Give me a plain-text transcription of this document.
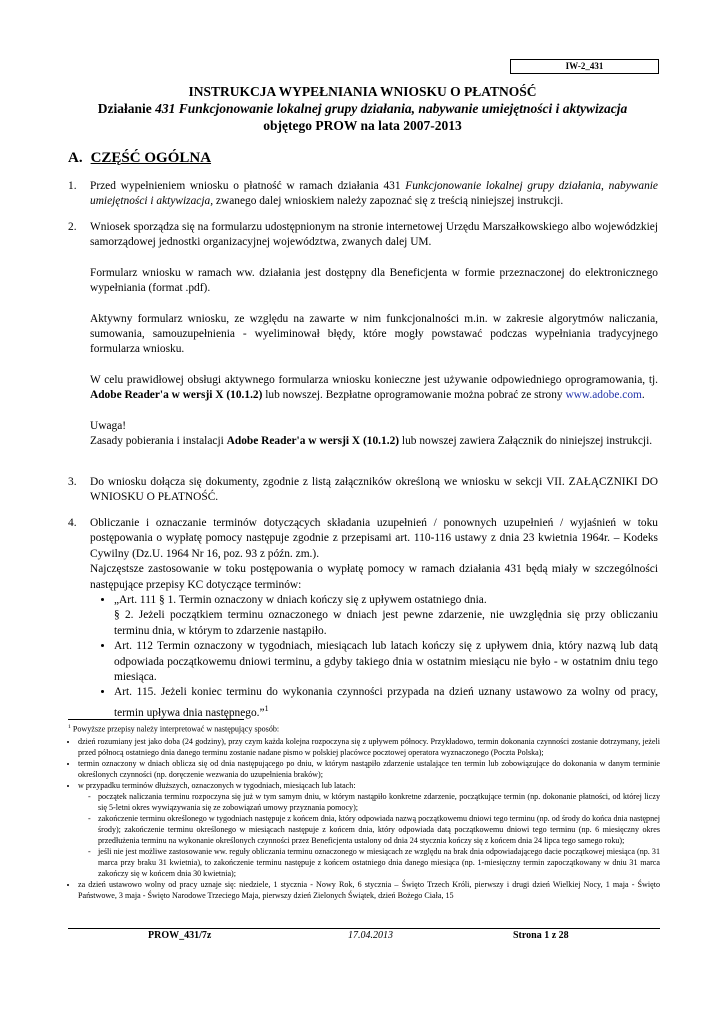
IW-2_431
INSTRUKCJA WYPEŁNIANIA WNIOSKU O PŁATNOŚĆ
Działanie 431 Funkcjonowanie lokalnej grupy działania, nabywanie umiejętności i aktywizacja
objętego PROW na lata 2007-2013
A. CZĘŚĆ OGÓLNA
1. Przed wypełnieniem wniosku o płatność w ramach działania 431 Funkcjonowanie lokalnej grupy działania, nabywanie umiejętności i aktywizacja, zwanego dalej wnioskiem należy zapoznać się z treścią niniejszej instrukcji.
2. Wniosek sporządza się na formularzu udostępnionym na stronie internetowej Urzędu Marszałkowskiego albo wojewódzkiej samorządowej jednostki organizacyjnej województwa, zwanych dalej UM.
Formularz wniosku w ramach ww. działania jest dostępny dla Beneficjenta w formie przeznaczonej do elektronicznego wypełniania (format .pdf).
Aktywny formularz wniosku, ze względu na zawarte w nim funkcjonalności m.in. w zakresie algorytmów naliczania, sumowania, samouzupełnienia - wyeliminował błędy, które mogły powstawać podczas wypełniania tradycyjnego formularza wniosku.
W celu prawidłowej obsługi aktywnego formularza wniosku konieczne jest używanie odpowiedniego oprogramowania, tj. Adobe Reader'a w wersji X (10.1.2) lub nowszej. Bezpłatne oprogramowanie można pobrać ze strony www.adobe.com.
Uwaga!
Zasady pobierania i instalacji Adobe Reader'a w wersji X (10.1.2) lub nowszej zawiera Załącznik do niniejszej instrukcji.
3. Do wniosku dołącza się dokumenty, zgodnie z listą załączników określoną we wniosku w sekcji VII. ZAŁĄCZNIKI DO WNIOSKU O PŁATNOŚĆ.
4. Obliczanie i oznaczanie terminów dotyczących składania uzupełnień / ponownych uzupełnień / wyjaśnień w toku postępowania o wypłatę pomocy następuje zgodnie z przepisami art. 110-116 ustawy z dnia 23 kwietnia 1964r. – Kodeks Cywilny (Dz.U. 1964 Nr 16, poz. 93 z późn. zm.).
Najczęstsze zastosowanie w toku postępowania o wypłatę pomocy w ramach działania 431 będą miały w szczególności następujące przepisy KC dotyczące terminów:
• „Art. 111 § 1. Termin oznaczony w dniach kończy się z upływem ostatniego dnia.
§ 2. Jeżeli początkiem terminu oznaczonego w dniach jest pewne zdarzenie, nie uwzględnia się przy obliczaniu terminu dnia, w którym to zdarzenie nastąpiło.
• Art. 112 Termin oznaczony w tygodniach, miesiącach lub latach kończy się z upływem dnia, który nazwą lub datą odpowiada początkowemu dniowi terminu, a gdyby takiego dnia w ostatnim miesiącu nie było - w ostatnim dniu tego miesiąca.
• Art. 115. Jeżeli koniec terminu do wykonania czynności przypada na dzień uznany ustawowo za wolny od pracy, termin upływa dnia następnego.”$^1$
$^1$ Powyższe przepisy należy interpretować w następujący sposób:
• dzień rozumiany jest jako doba (24 godziny), przy czym każda kolejna rozpoczyna się z upływem północy. Przykładowo, termin dokonania czynności zostanie dotrzymany, jeżeli przed północą ostatniego dnia danego terminu zostanie nadane pismo w polskiej placówce pocztowej operatora wyznaczonego (Poczta Polska);
• termin oznaczony w dniach oblicza się od dnia następującego po dniu, w którym nastąpiło zdarzenie ustalające ten termin lub zobowiązujące do dokonania w danym terminie określonych czynności (np. doręczenie wezwania do uzupełnienia braków);
• w przypadku terminów dłuższych, oznaczonych w tygodniach, miesiącach lub latach:
- początek naliczania terminu rozpoczyna się już w tym samym dniu, w którym nastąpiło konkretne zdarzenie, początkujące termin (np. dokonanie płatności, od której liczy się 5-letni okres wywiązywania się ze zobowiązań umowy przyznania pomocy);
- zakończenie terminu określonego w tygodniach następuje z końcem dnia, który odpowiada nazwą początkowemu dniowi tego terminu (np. od środy do końca dnia następnej środy); zakończenie terminu określonego w miesiącach następuje z końcem dnia, który odpowiada datą początkowemu dniowi tego terminu (np. 6 miesięczny okres przedłużenia terminu na wykonanie określonych czynności przez Beneficjenta ustalony od dnia 24 stycznia kończy się z końcem dnia 24 lipca tego samego roku);
- jeśli nie jest możliwe zastosowanie ww. reguły obliczania terminu oznaczonego w miesiącach ze względu na brak dnia odpowiadającego dacie początkowej miesiąca (np. 31 marca przy braku 31 kwietnia), to zakończenie terminu następuje z końcem ostatniego dnia danego miesiąca (np. 1-miesięczny termin zapoczątkowany w dniu 31 marca zakończy się w końcem dnia 30 kwietnia);
• za dzień ustawowo wolny od pracy uznaje się: niedziele, 1 stycznia - Nowy Rok, 6 stycznia – Święto Trzech Króli, pierwszy i drugi dzień Wielkiej Nocy, 1 maja - Święto Państwowe, 3 maja - Święto Narodowe Trzeciego Maja, pierwszy dzień Zielonych Świątek, dzień Bożego Ciała, 15
PROW_431/7z	17.04.2013	Strona 1 z 28
